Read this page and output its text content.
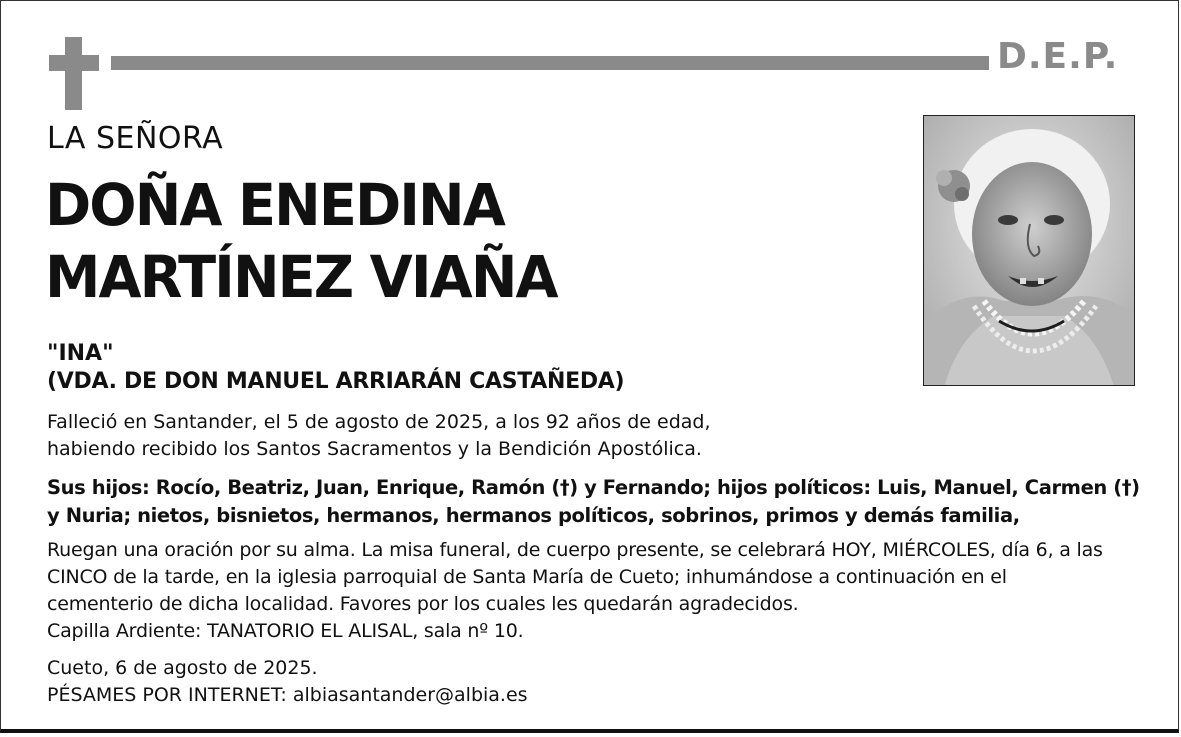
D.E.P.
LA SEÑORA
DOÑA ENEDINA
MARTÍNEZ VIAÑA
"INA"
(VDA. DE DON MANUEL ARRIARÁN CASTAÑEDA)
Falleció en Santander, el 5 de agosto de 2025, a los 92 años de edad,
habiendo recibido los Santos Sacramentos y la Bendición Apostólica.
Sus hijos: Rocío, Beatriz, Juan, Enrique, Ramón (†) y Fernando; hijos políticos: Luis, Manuel, Carmen (†)
y Nuria; nietos, bisnietos, hermanos, hermanos políticos, sobrinos, primos y demás familia,
Ruegan una oración por su alma. La misa funeral, de cuerpo presente, se celebrará HOY, MIÉRCOLES, día 6, a las
CINCO de la tarde, en la iglesia parroquial de Santa María de Cueto; inhumándose a continuación en el
cementerio de dicha localidad. Favores por los cuales les quedarán agradecidos.
Capilla Ardiente: TANATORIO EL ALISAL, sala nº 10.
Cueto, 6 de agosto de 2025.
PÉSAMES POR INTERNET: albiasantander@albia.es
